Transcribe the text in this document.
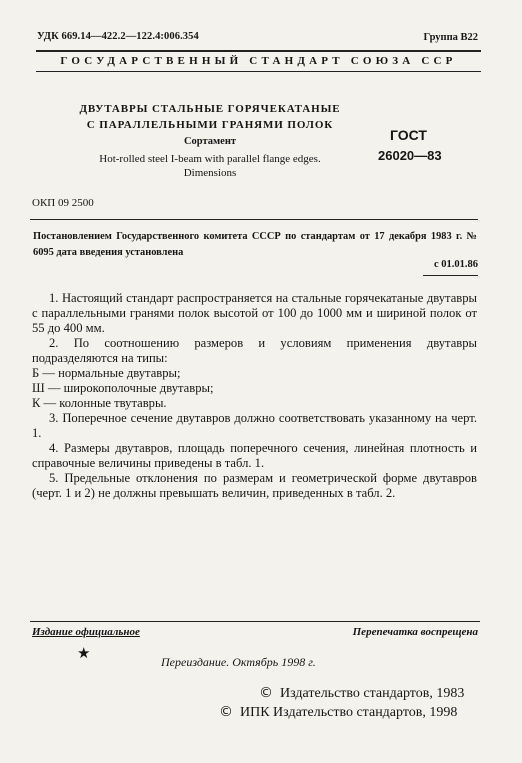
УДК 669.14—422.2—122.4:006.354	Группа В22
ГОСУДАРСТВЕННЫЙ СТАНДАРТ СОЮЗА ССР
ДВУТАВРЫ СТАЛЬНЫЕ ГОРЯЧЕКАТАНЫЕ
С ПАРАЛЛЕЛЬНЫМИ ГРАНЯМИ ПОЛОК
Сортамент
Hot-rolled steel I-beam with parallel flange edges.
Dimensions
ГОСТ
26020—83
ОКП 09 2500
Постановлением Государственного комитета СССР по стандартам от 17 декабря 1983 г. № 6095 дата введения установлена
с 01.01.86

1. Настоящий стандарт распространяется на стальные горячекатаные двутавры с параллельными гранями полок высотой от 100 до 1000 мм и шириной полок от 55 до 400 мм.

2. По соотношению размеров и условиям применения двутавры подразделяются на типы:

Б — нормальные двутавры;

Ш — широкополочные двутавры;

К — колонные твутавры.

3. Поперечное сечение двутавров должно соответствовать указанному на черт. 1.

4. Размеры двутавров, площадь поперечного сечения, линейная плотность и справочные величины приведены в табл. 1.

5. Предельные отклонения по размерам и геометрической форме двутавров (черт. 1 и 2) не должны превышать величин, приведенных в табл. 2.

Издание официальное	Перепечатка воспрещена
★	Переиздание. Октябрь 1998 г.
© Издательство стандартов, 1983
© ИПК Издательство стандартов, 1998
